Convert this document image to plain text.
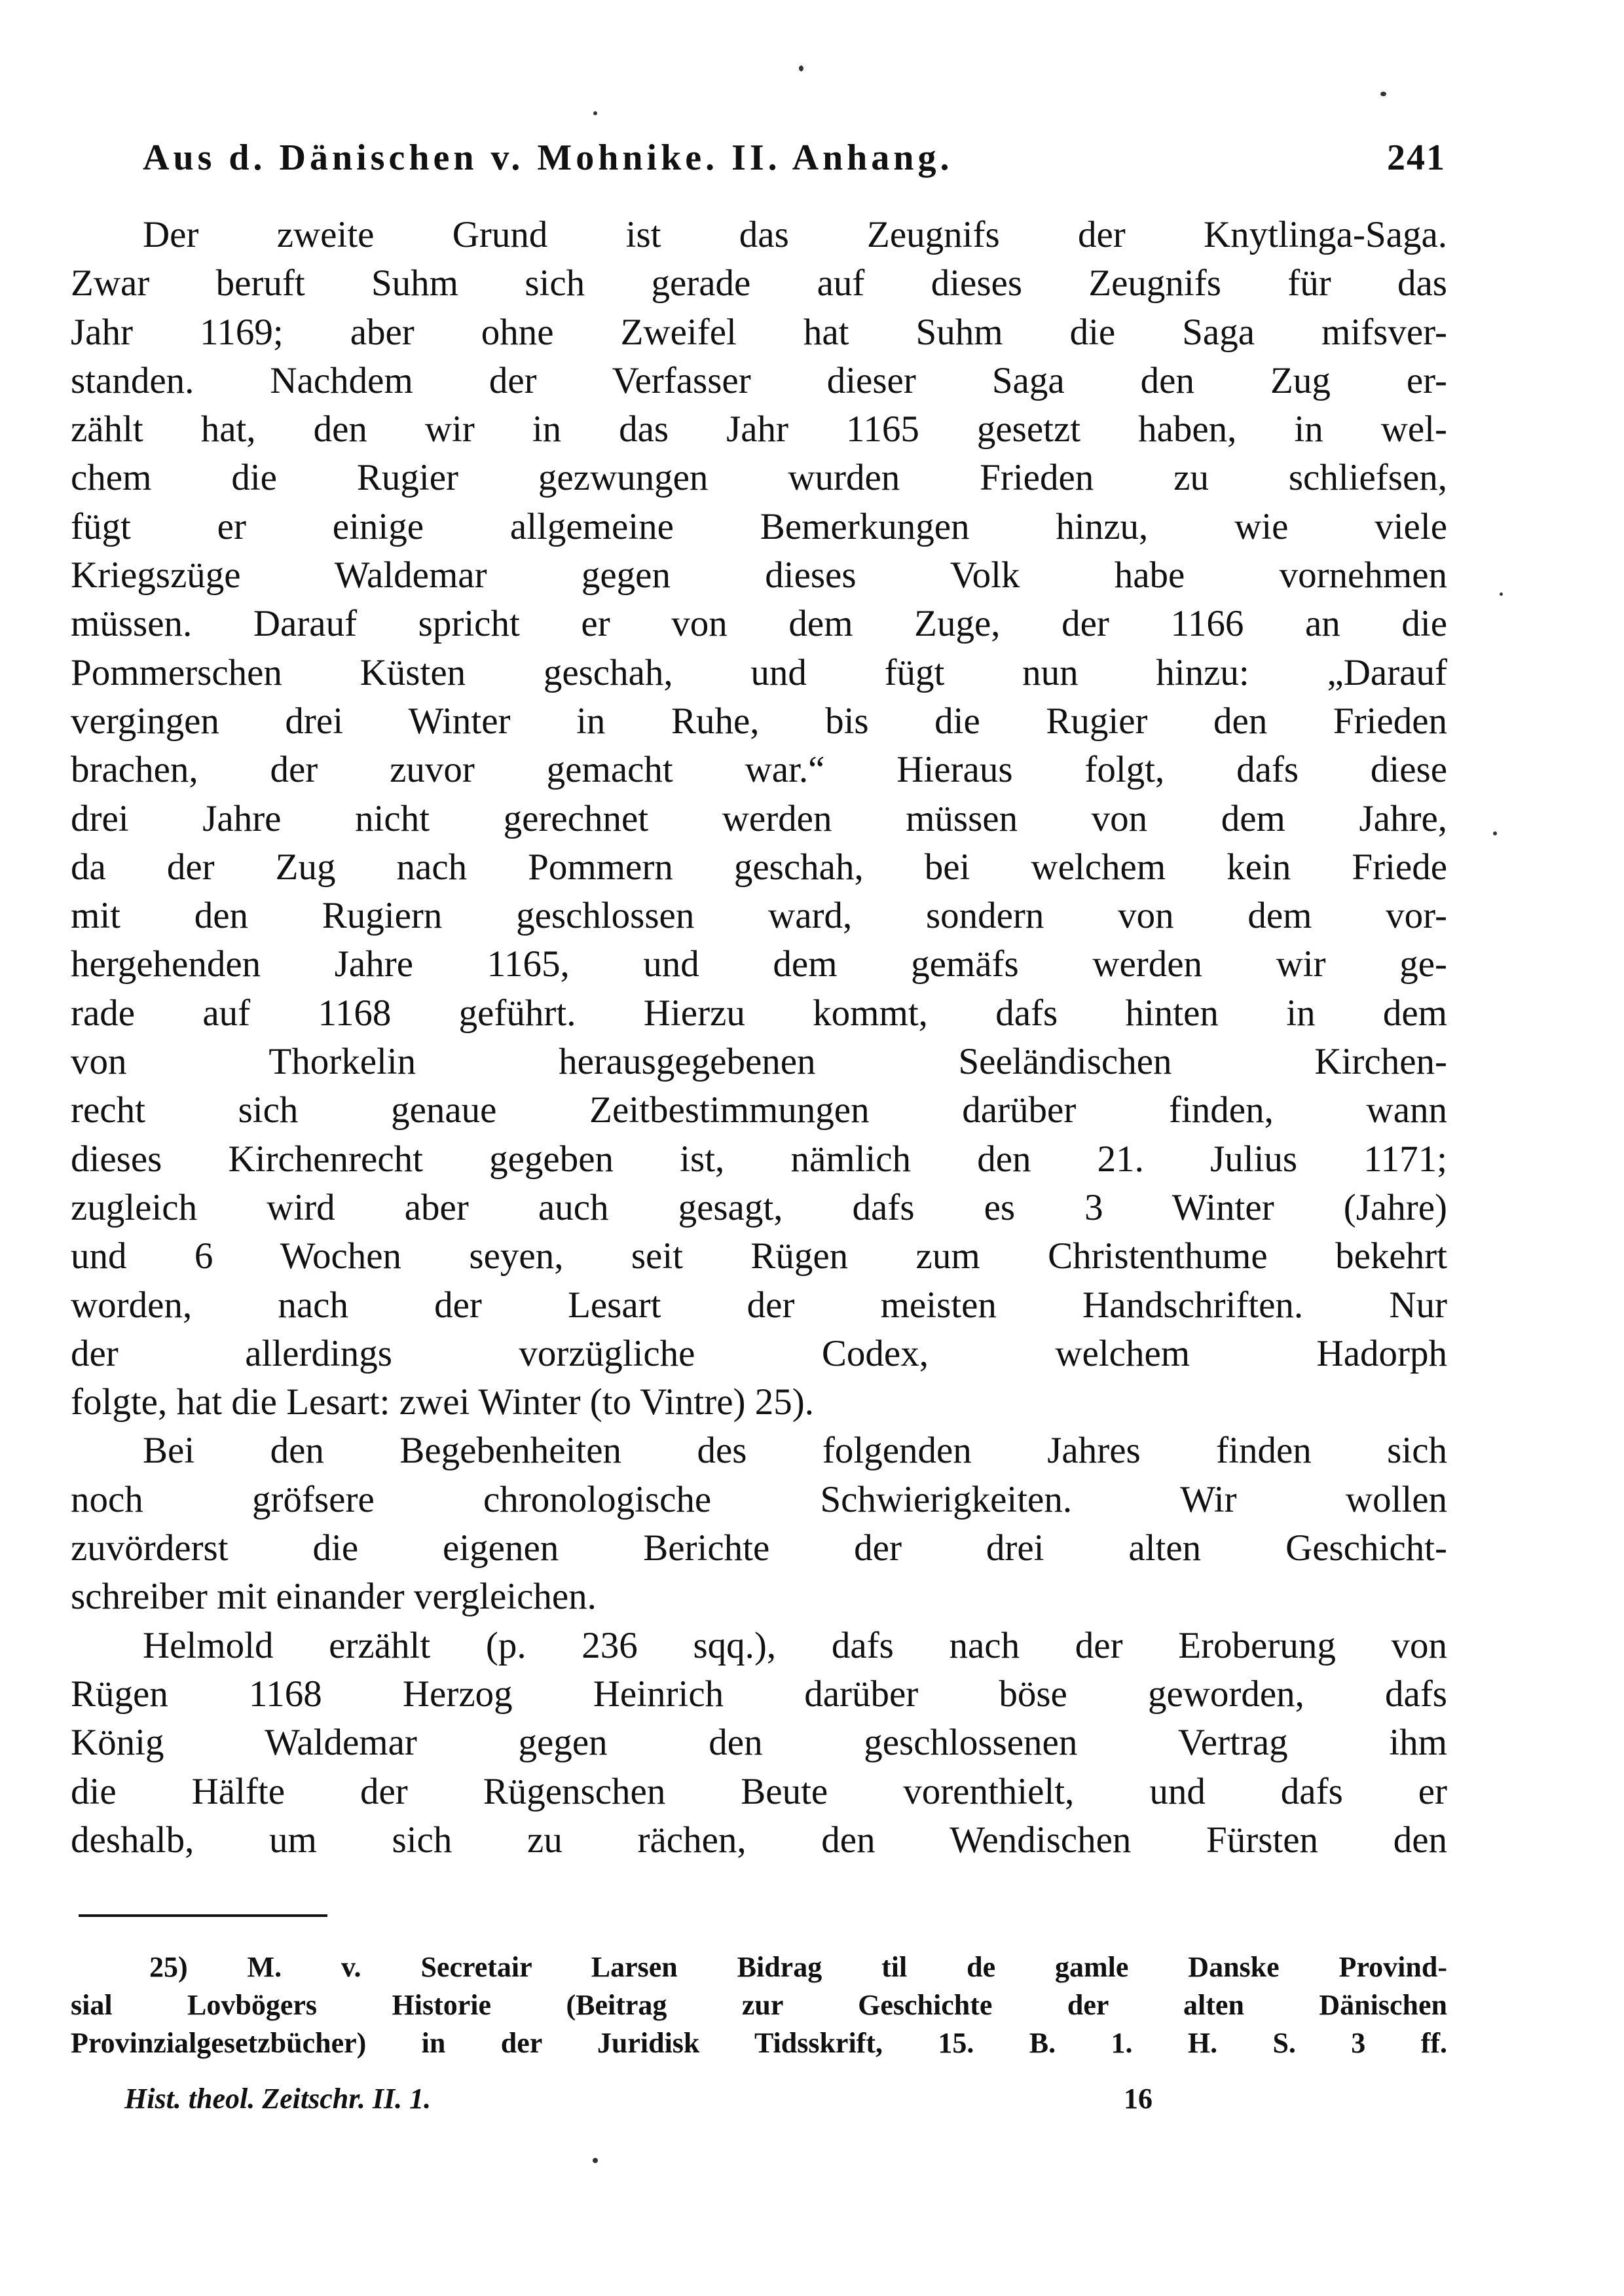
Aus d. Dänischen v. Mohnike. II. Anhang.	241
Der zweite Grund ist das Zeugnifs der Knytlinga-Saga.
Zwar beruft Suhm sich gerade auf dieses Zeugnifs für das
Jahr 1169; aber ohne Zweifel hat Suhm die Saga mifsver-
standen. Nachdem der Verfasser dieser Saga den Zug er-
zählt hat, den wir in das Jahr 1165 gesetzt haben, in wel-
chem die Rugier gezwungen wurden Frieden zu schliefsen,
fügt er einige allgemeine Bemerkungen hinzu, wie viele
Kriegszüge Waldemar gegen dieses Volk habe vornehmen
müssen. Darauf spricht er von dem Zuge, der 1166 an die
Pommerschen Küsten geschah, und fügt nun hinzu: „Darauf
vergingen drei Winter in Ruhe, bis die Rugier den Frieden
brachen, der zuvor gemacht war.“ Hieraus folgt, dafs diese
drei Jahre nicht gerechnet werden müssen von dem Jahre,
da der Zug nach Pommern geschah, bei welchem kein Friede
mit den Rugiern geschlossen ward, sondern von dem vor-
hergehenden Jahre 1165, und dem gemäfs werden wir ge-
rade auf 1168 geführt. Hierzu kommt, dafs hinten in dem
von Thorkelin herausgegebenen Seeländischen Kirchen-
recht sich genaue Zeitbestimmungen darüber finden, wann
dieses Kirchenrecht gegeben ist, nämlich den 21. Julius 1171;
zugleich wird aber auch gesagt, dafs es 3 Winter (Jahre)
und 6 Wochen seyen, seit Rügen zum Christenthume bekehrt
worden, nach der Lesart der meisten Handschriften. Nur
der allerdings vorzügliche Codex, welchem Hadorph
folgte, hat die Lesart: zwei Winter (to Vintre) 25).
Bei den Begebenheiten des folgenden Jahres finden sich
noch gröfsere chronologische Schwierigkeiten. Wir wollen
zuvörderst die eigenen Berichte der drei alten Geschicht-
schreiber mit einander vergleichen.
Helmold erzählt (p. 236 sqq.), dafs nach der Eroberung von
Rügen 1168 Herzog Heinrich darüber böse geworden, dafs
König Waldemar gegen den geschlossenen Vertrag ihm
die Hälfte der Rügenschen Beute vorenthielt, und dafs er
deshalb, um sich zu rächen, den Wendischen Fürsten den
25) M. v. Secretair Larsen Bidrag til de gamle Danske Provind-
sial Lovbögers Historie (Beitrag zur Geschichte der alten Dänischen
Provinzialgesetzbücher) in der Juridisk Tidsskrift, 15. B. 1. H. S. 3 ff.
Hist. theol. Zeitschr. II. 1.	16
